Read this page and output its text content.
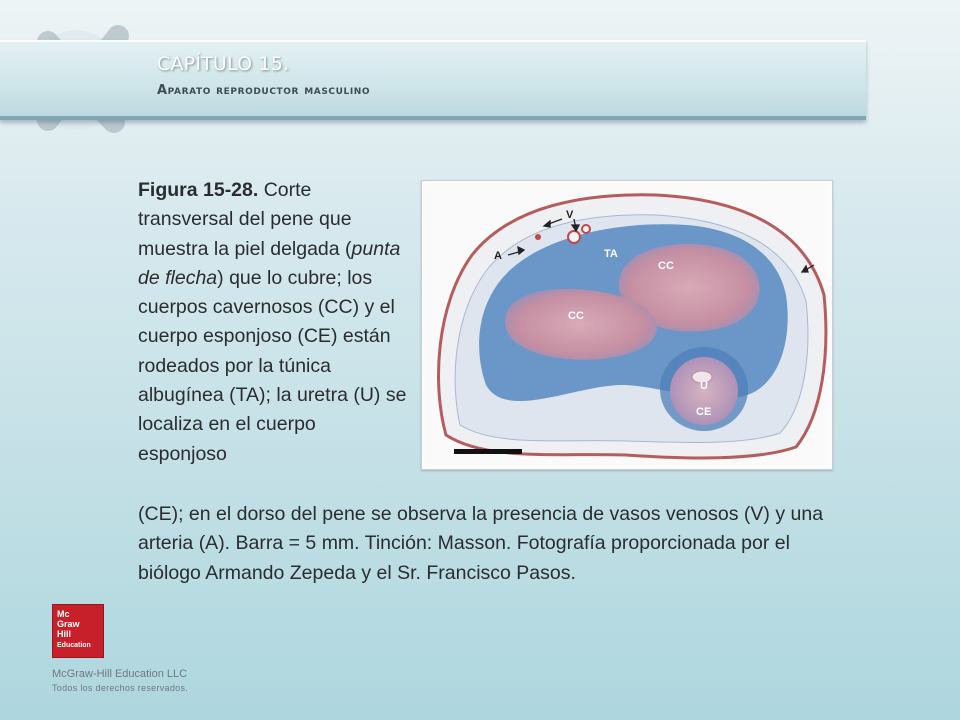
CAPÍTULO 15.
Aparato reproductor masculino

Figura 15-28. Corte transversal del pene que muestra la piel delgada (punta de flecha) que lo cubre; los cuerpos cavernosos (CC) y el cuerpo esponjoso (CE) están rodeados por la túnica albugínea (TA); la uretra (U) se localiza en el cuerpo esponjoso

V
A	TA
CC
CC
U
CE

(CE); en el dorso del pene se observa la presencia de vasos venosos (V) y una arteria (A). Barra = 5 mm. Tinción: Masson. Fotografía proporcionada por el biólogo Armando Zepeda y el Sr. Francisco Pasos.

Mc
Graw
Hill
Education

McGraw-Hill Education LLC

Todos los derechos reservados.
